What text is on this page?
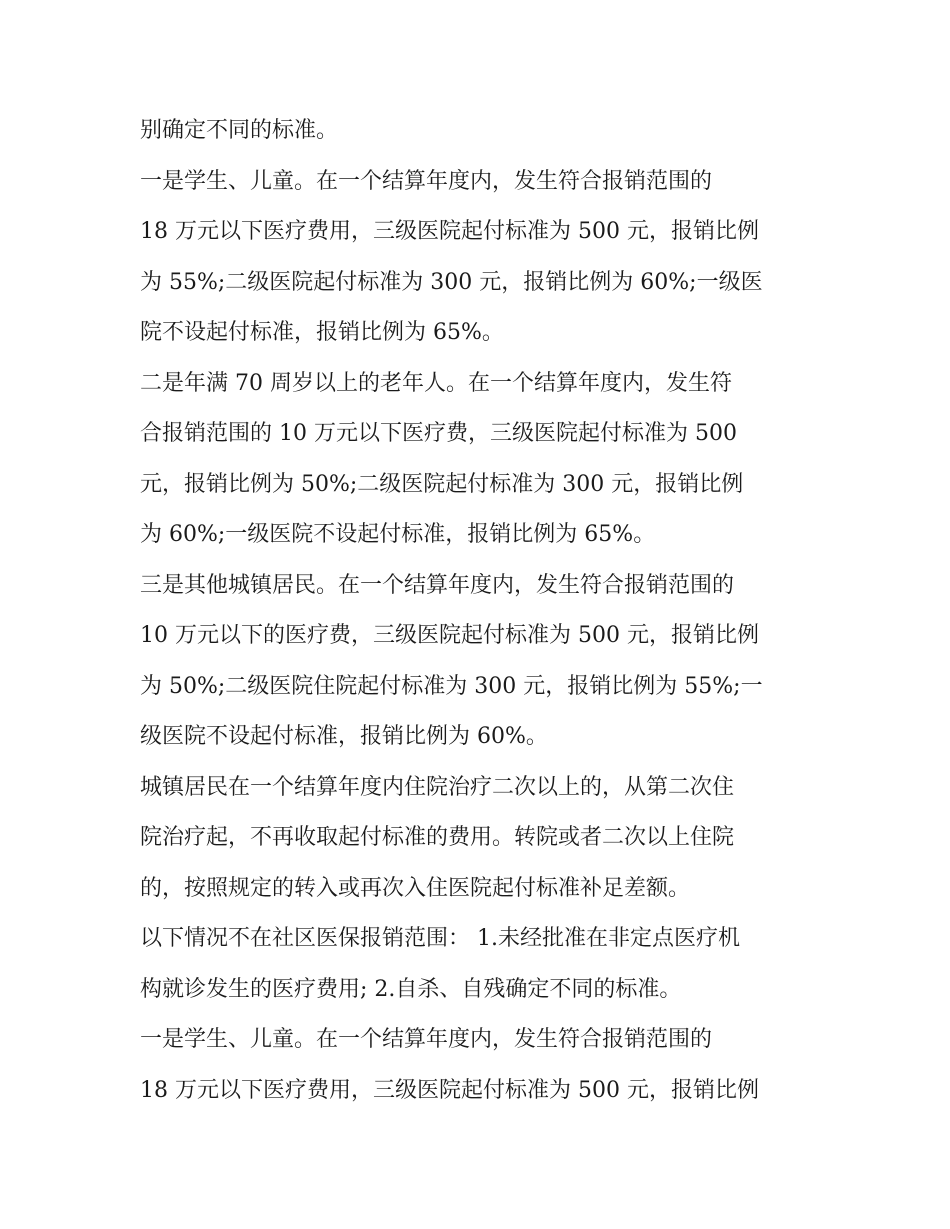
别确定不同的标准。
一是学生、儿童。在一个结算年度内，发生符合报销范围的
18 万元以下医疗费用，三级医院起付标准为 500 元，报销比例
为 55%;二级医院起付标准为 300 元，报销比例为 60%;一级医
院不设起付标准，报销比例为 65%。
二是年满 70 周岁以上的老年人。在一个结算年度内，发生符
合报销范围的 10 万元以下医疗费，三级医院起付标准为 500
元，报销比例为 50%;二级医院起付标准为 300 元，报销比例
为 60%;一级医院不设起付标准，报销比例为 65%。
三是其他城镇居民。在一个结算年度内，发生符合报销范围的
10 万元以下的医疗费，三级医院起付标准为 500 元，报销比例
为 50%;二级医院住院起付标准为 300 元，报销比例为 55%;一
级医院不设起付标准，报销比例为 60%。
城镇居民在一个结算年度内住院治疗二次以上的，从第二次住
院治疗起，不再收取起付标准的费用。转院或者二次以上住院
的，按照规定的转入或再次入住医院起付标准补足差额。
以下情况不在社区医保报销范围： 1.未经批准在非定点医疗机
构就诊发生的医疗费用; 2.自杀、自残确定不同的标准。
一是学生、儿童。在一个结算年度内，发生符合报销范围的
18 万元以下医疗费用，三级医院起付标准为 500 元，报销比例
